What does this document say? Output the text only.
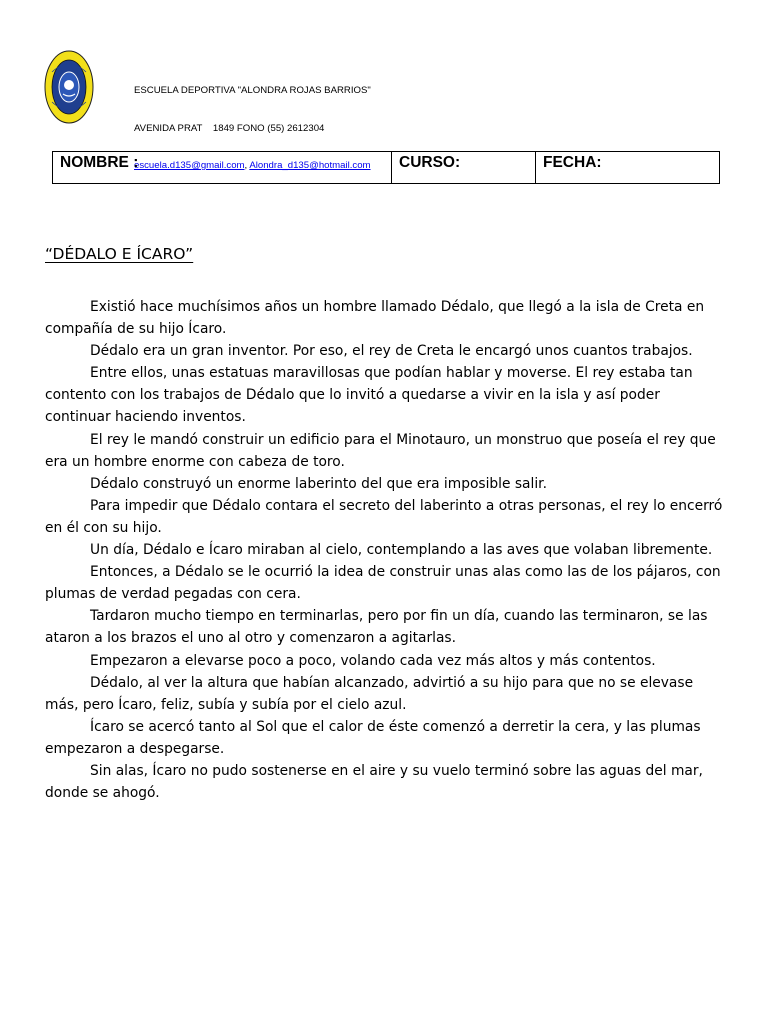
ESCUELA DEPORTIVA "ALONDRA ROJAS BARRIOS"

AVENIDA PRAT    1849 FONO (55) 2612304

escuela.d135@gmail.com, Alondra_d135@hotmail.com

NOMBRE :	CURSO:	FECHA:
“DÉDALO E ÍCARO”

Existió hace muchísimos años un hombre llamado Dédalo, que llegó a la isla de Creta en compañía de su hijo Ícaro.

Dédalo era un gran inventor. Por eso, el rey de Creta le encargó unos cuantos trabajos.

Entre ellos, unas estatuas maravillosas que podían hablar y moverse. El rey estaba tan contento con los trabajos de Dédalo que lo invitó a quedarse a vivir en la isla y así poder continuar haciendo inventos.

El rey le mandó construir un edificio para el Minotauro, un monstruo que poseía el rey que era un hombre enorme con cabeza de toro.

Dédalo construyó un enorme laberinto del que era imposible salir.

Para impedir que Dédalo contara el secreto del laberinto a otras personas, el rey lo encerró en él con su hijo.

Un día, Dédalo e Ícaro miraban al cielo, contemplando a las aves que volaban libremente.

Entonces, a Dédalo se le ocurrió la idea de construir unas alas como las de los pájaros, con plumas de verdad pegadas con cera.

Tardaron mucho tiempo en terminarlas, pero por fin un día, cuando las terminaron, se las ataron a los brazos el uno al otro y comenzaron a agitarlas.

Empezaron a elevarse poco a poco, volando cada vez más altos y más contentos.

Dédalo, al ver la altura que habían alcanzado, advirtió a su hijo para que no se elevase más, pero Ícaro, feliz, subía y subía por el cielo azul.

Ícaro se acercó tanto al Sol que el calor de éste comenzó a derretir la cera, y las plumas empezaron a despegarse.

Sin alas, Ícaro no pudo sostenerse en el aire y su vuelo terminó sobre las aguas del mar, donde se ahogó.
